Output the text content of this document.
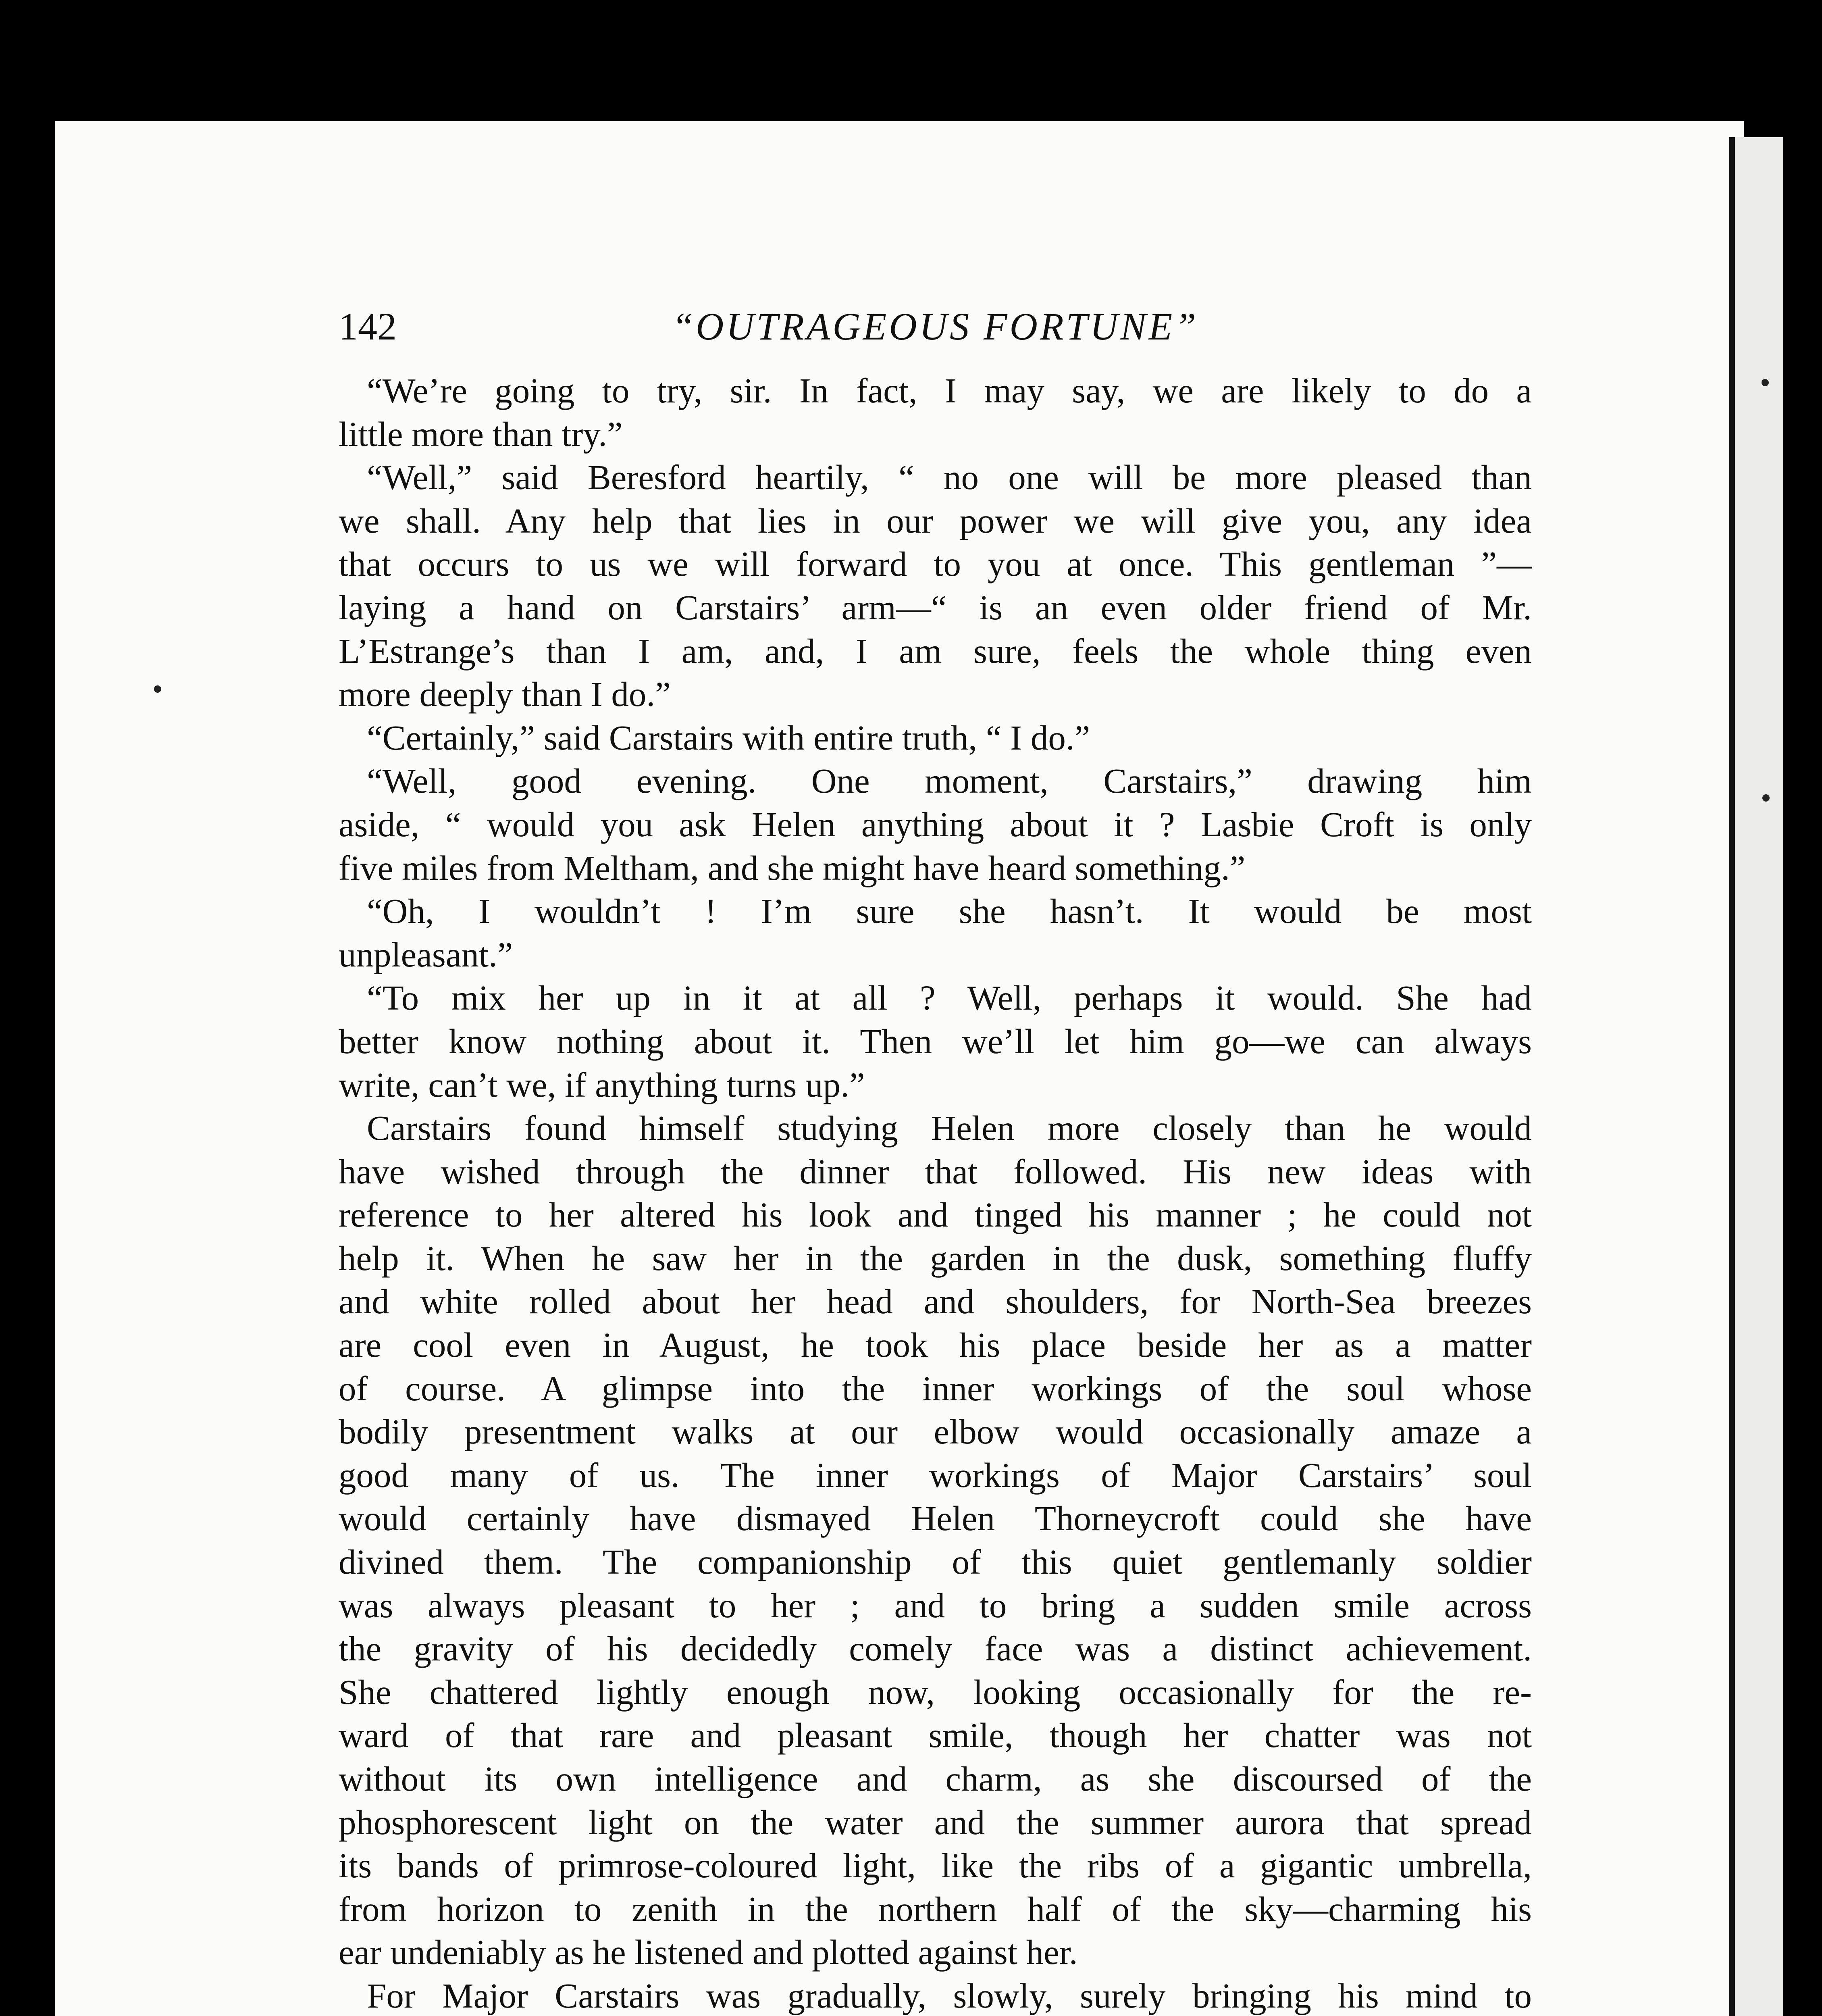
142	“OUTRAGEOUS FORTUNE”
“We’re going to try, sir. In fact, I may say, we are likely to do a
little more than try.”
“Well,” said Beresford heartily, “ no one will be more pleased than
we shall. Any help that lies in our power we will give you, any idea
that occurs to us we will forward to you at once. This gentleman ”—
laying a hand on Carstairs’ arm—“ is an even older friend of Mr.
L’Estrange’s than I am, and, I am sure, feels the whole thing even
more deeply than I do.”
“Certainly,” said Carstairs with entire truth, “ I do.”
“Well, good evening. One moment, Carstairs,” drawing him
aside, “ would you ask Helen anything about it ? Lasbie Croft is only
five miles from Meltham, and she might have heard something.”
“Oh, I wouldn’t ! I’m sure she hasn’t. It would be most
unpleasant.”
“To mix her up in it at all ? Well, perhaps it would. She had
better know nothing about it. Then we’ll let him go—we can always
write, can’t we, if anything turns up.”
Carstairs found himself studying Helen more closely than he would
have wished through the dinner that followed. His new ideas with
reference to her altered his look and tinged his manner ; he could not
help it. When he saw her in the garden in the dusk, something fluffy
and white rolled about her head and shoulders, for North-Sea breezes
are cool even in August, he took his place beside her as a matter
of course. A glimpse into the inner workings of the soul whose
bodily presentment walks at our elbow would occasionally amaze a
good many of us. The inner workings of Major Carstairs’ soul
would certainly have dismayed Helen Thorneycroft could she have
divined them. The companionship of this quiet gentlemanly soldier
was always pleasant to her ; and to bring a sudden smile across
the gravity of his decidedly comely face was a distinct achievement.
She chattered lightly enough now, looking occasionally for the re-
ward of that rare and pleasant smile, though her chatter was not
without its own intelligence and charm, as she discoursed of the
phosphorescent light on the water and the summer aurora that spread
its bands of primrose-coloured light, like the ribs of a gigantic umbrella,
from horizon to zenith in the northern half of the sky—charming his
ear undeniably as he listened and plotted against her.
For Major Carstairs was gradually, slowly, surely bringing his mind to
